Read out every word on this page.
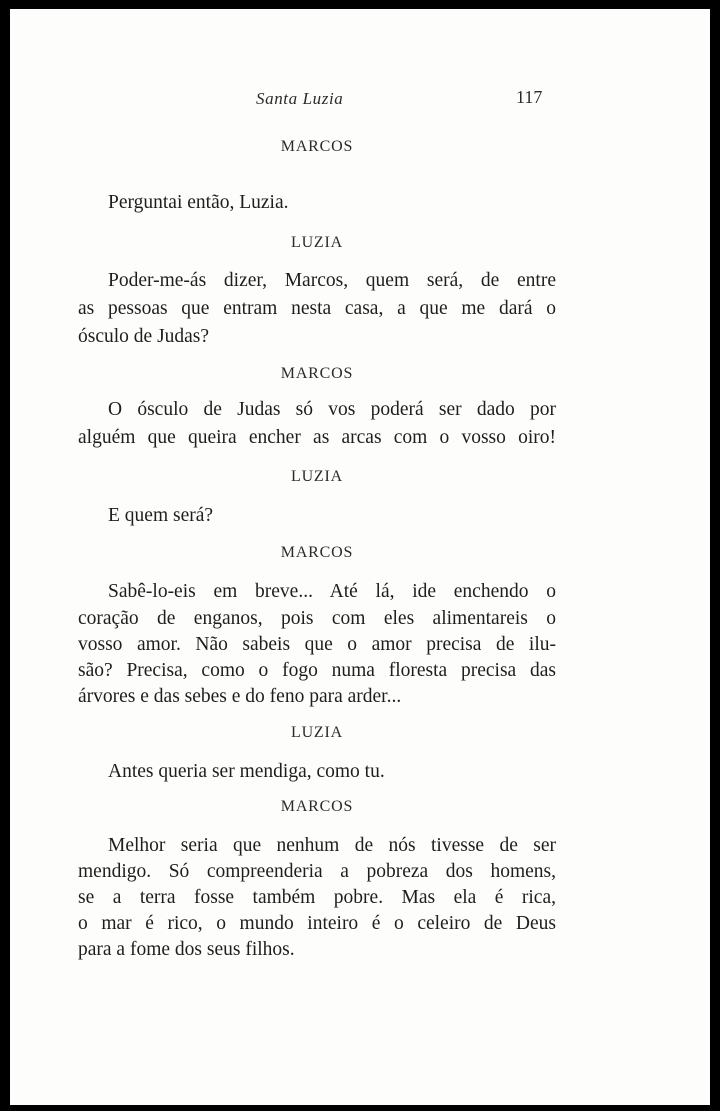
Santa Luzia	117
MARCOS
Perguntai então, Luzia.
LUZIA
Poder-me-ás dizer, Marcos, quem será, de entre
as pessoas que entram nesta casa, a que me dará o
ósculo de Judas?
MARCOS
O ósculo de Judas só vos poderá ser dado por
alguém que queira encher as arcas com o vosso oiro!
LUZIA
E quem será?
MARCOS
Sabê-lo-eis em breve... Até lá, ide enchendo o
coração de enganos, pois com eles alimentareis o
vosso amor. Não sabeis que o amor precisa de ilu-
são? Precisa, como o fogo numa floresta precisa das
árvores e das sebes e do feno para arder...
LUZIA
Antes queria ser mendiga, como tu.
MARCOS
Melhor seria que nenhum de nós tivesse de ser
mendigo. Só compreenderia a pobreza dos homens,
se a terra fosse também pobre. Mas ela é rica,
o mar é rico, o mundo inteiro é o celeiro de Deus
para a fome dos seus filhos.
